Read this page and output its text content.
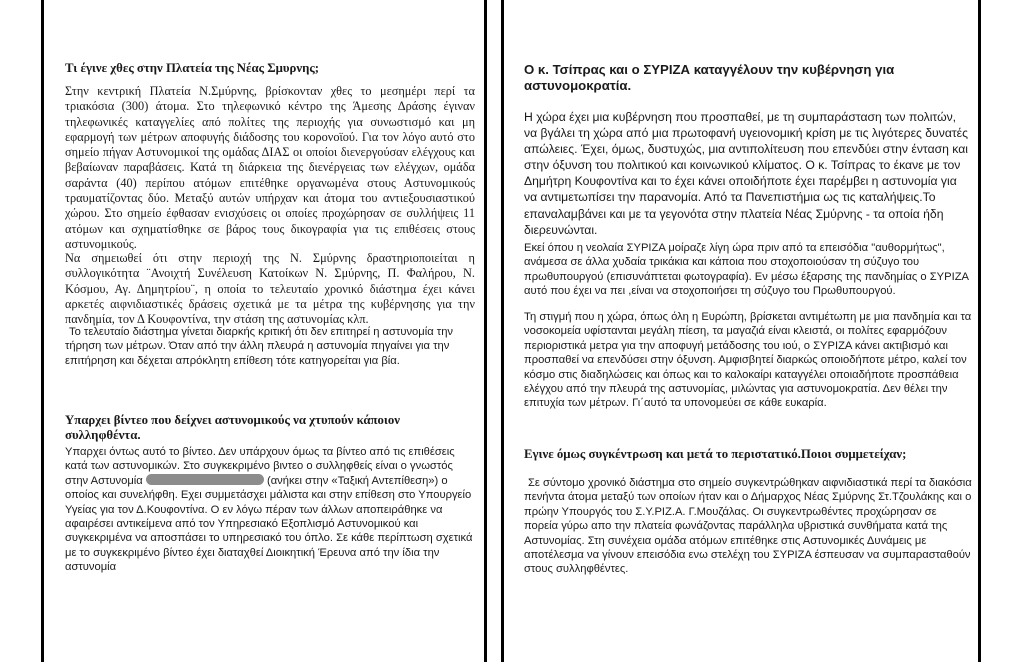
Τι έγινε χθες στην Πλατεία της Νέας Σμυρνης;

Στην κεντρική Πλατεία Ν.Σμύρνης, βρίσκονταν χθες το μεσημέρι περί τα τριακόσια (300) άτομα. Στο τηλεφωνικό κέντρο της Άμεσης Δράσης έγιναν τηλεφωνικές καταγγελίες από πολίτες της περιοχής για συνωστισμό και μη εφαρμογή των μέτρων αποφυγής διάδοσης του κορονοϊού. Για τον λόγο αυτό στο σημείο πήγαν Αστυνομικοί της ομάδας ΔΙΑΣ οι οποίοι διενεργούσαν ελέγχους και βεβαίωναν παραβάσεις. Κατά τη διάρκεια της διενέργειας των ελέγχων, ομάδα σαράντα (40) περίπου ατόμων επιτέθηκε οργανωμένα στους Αστυνομικούς τραυματίζοντας δύο. Μεταξύ αυτών υπήρχαν και άτομα του αντιεξουσιαστικού χώρου. Στο σημείο έφθασαν ενισχύσεις οι οποίες προχώρησαν σε συλλήψεις 11 ατόμων και σχηματίσθηκε σε βάρος τους δικογραφία για τις επιθέσεις στους αστυνομικούς.

Να σημειωθεί ότι στην περιοχή της Ν. Σμύρνης δραστηριοποιείται η συλλογικότητα ¨Ανοιχτή Συνέλευση Κατοίκων Ν. Σμύρνης, Π. Φαλήρου, Ν. Κόσμου, Αγ. Δημητρίου¨, η οποία το τελευταίο χρονικό διάστημα έχει κάνει αρκετές αιφνιδιαστικές δράσεις σχετικά με τα μέτρα της κυβέρνησης για την πανδημία, τον Δ Κουφοντίνα, την στάση της αστυνομίας κλπ.

Το τελευταίο διάστημα γίνεται διαρκής κριτική ότι δεν επιτηρεί η αστυνομία την τήρηση των μέτρων. Όταν από την άλλη πλευρά η αστυνομία πηγαίνει για την επιτήρηση και δέχεται απρόκλητη επίθεση τότε κατηγορείται για βία.

Υπαρχει βίντεο που δείχνει αστυνομικούς να χτυπούν κάποιον συλληφθέντα.
Υπαρχει όντως αυτό το βίντεο. Δεν υπάρχουν όμως τα βίντεο από τις επιθέσεις κατά των αστυνομικών. Στο συγκεκριμένο βιντεο ο συλληφθείς είναι ο γνωστός στην Αστυνομία	(ανήκει στην «Ταξική Αντεπίθεση») ο οποίος και συνελήφθη. Εχει συμμετάσχει μάλιστα και στην επίθεση στο Υπουργείο Υγείας για τον Δ.Κουφοντίνα. Ο εν λόγω πέραν των άλλων αποπειράθηκε να αφαιρέσει αντικείμενα από τον Υπηρεσιακό Εξοπλισμό Αστυνομικού και συγκεκριμένα να αποσπάσει το υπηρεσιακό του όπλο. Σε κάθε περίπτωση σχετικά με το συγκεκριμένο βίντεο έχει διαταχθεί Διοικητική Έρευνα από την ίδια την αστυνομία
Ο κ. Τσίπρας και ο ΣΥΡΙΖΑ καταγγέλουν την κυβέρνηση για αστυνομοκρατία.

Η χώρα έχει μια κυβέρνηση που προσπαθεί, με τη συμπαράσταση των πολιτών, να βγάλει τη χώρα από μια πρωτοφανή υγειονομική κρίση με τις λιγότερες δυνατές απώλειες. Έχει, όμως, δυστυχώς, μια αντιπολίτευση που επενδύει στην ένταση και στην όξυνση του πολιτικού και κοινωνικού κλίματος. Ο κ. Τσίπρας το έκανε με τον Δημήτρη Κουφοντίνα και το έχει κάνει οποιδήποτε έχει παρέμβει η αστυνομία για να αντιμετωπίσει την παρανομία. Από τα Πανεπιστήμια ως τις καταλήψεις.Το επαναλαμβάνει και με τα γεγονότα στην πλατεία Νέας Σμύρνης - τα οποία ήδη διερευνώνται.

Εκεί όπου η νεολαία ΣΥΡΙΖΑ μοίραζε λίγη ώρα πριν από τα επεισόδια "αυθορμήτως", ανάμεσα σε άλλα χυδαία τρικάκια και κάποια που στοχοποιούσαν τη σύζυγο του πρωθυπουργού (επισυνάπτεται φωτογραφία). Εν μέσω έξαρσης της πανδημίας ο ΣΥΡΙΖΑ αυτό που έχει να πει ,είναι να στοχοποιήσει τη σύζυγο του Πρωθυπουργού.

Τη στιγμή που η χώρα, όπως όλη η Ευρώπη, βρίσκεται αντιμέτωπη με μια πανδημία και τα νοσοκομεία υφίστανται μεγάλη πίεση, τα μαγαζιά είναι κλειστά, οι πολίτες εφαρμόζουν περιοριστικά μετρα για την αποφυγή μετάδοσης του ιού, ο ΣΥΡΙΖΑ κάνει ακτιβισμό και προσπαθεί να επενδύσει στην όξυνση. Αμφισβητεί διαρκώς οποιοδήποτε μέτρο, καλεί τον κόσμο στις διαδηλώσεις και όπως και το καλοκαίρι καταγγέλει οποιαδήποτε προσπάθεια ελέγχου από την πλευρά της αστυνομίας, μιλώντας για αστυνομοκρατία. Δεν θέλει την επιτυχία των μέτρων. Γι΄αυτό τα υπονομεύει σε κάθε ευκαρία.

Εγινε όμως συγκέντρωση και μετά το περιστατικό.Ποιοι συμμετείχαν;

Σε σύντομο χρονικό διάστημα στο σημείο συγκεντρώθηκαν αιφνιδιαστικά περί τα διακόσια πενήντα άτομα μεταξύ των οποίων ήταν και ο Δήμαρχος Νέας Σμύρνης Στ.Τζουλάκης και ο πρώην Υπουργός του Σ.Υ.ΡΙΖ.Α. Γ.Μουζάλας. Οι συγκεντρωθέντες προχώρησαν σε πορεία γύρω απο την πλατεία φωνάζοντας παράλληλα υβριστικά συνθήματα κατά της Αστυνομίας. Στη συνέχεια ομάδα ατόμων επιτέθηκε στις Αστυνομικές Δυνάμεις με αποτέλεσμα να γίνουν επεισόδια ενω στελέχη του ΣΥΡΙΖΑ έσπευσαν να συμπαρασταθούν στους συλληφθέντες.
